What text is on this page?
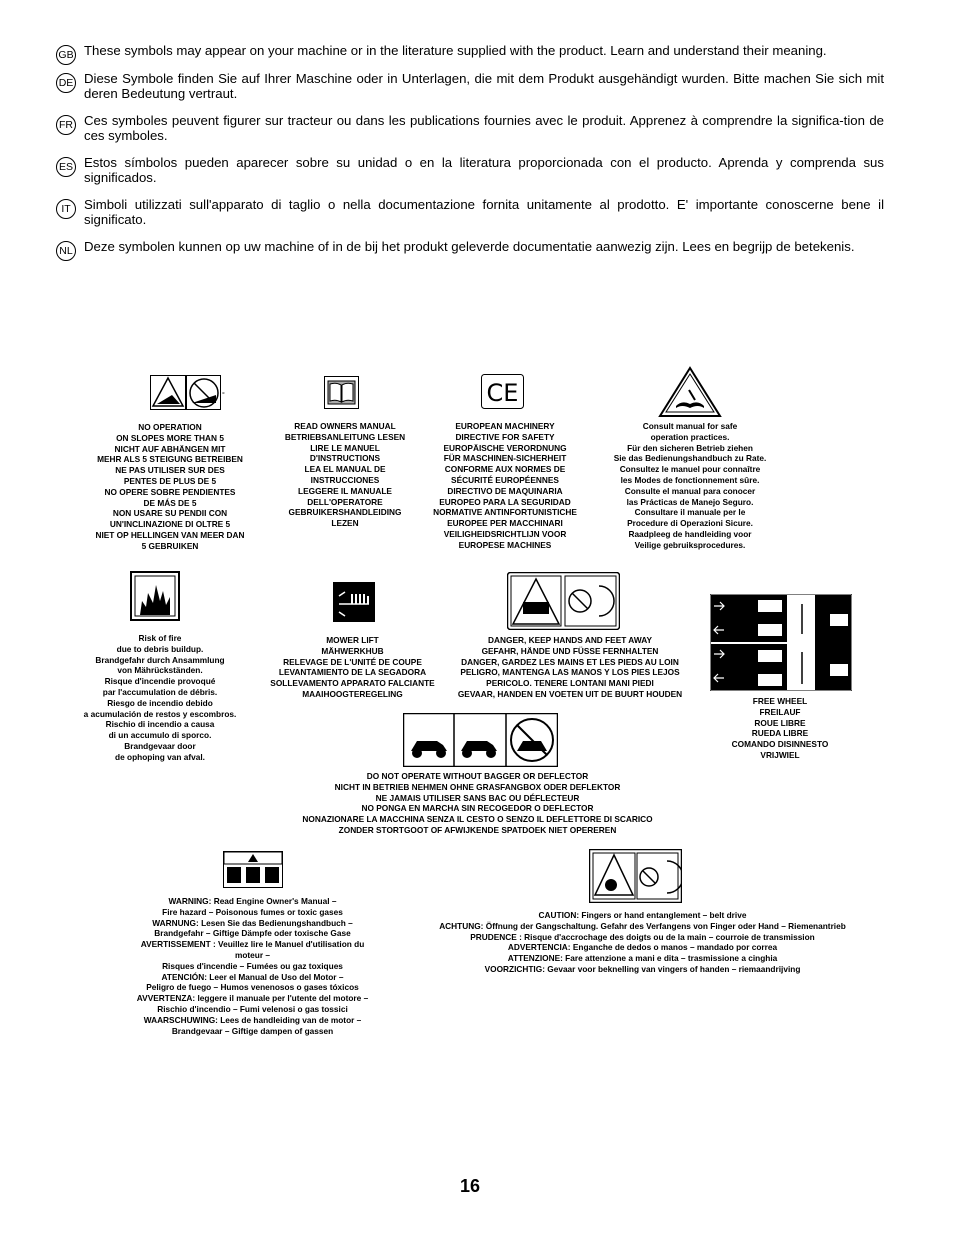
GB These symbols may appear on your machine or in the literature supplied with the product. Learn and understand their meaning.
DE Diese Symbole finden Sie auf Ihrer Maschine oder in Unterlagen, die mit dem Produkt ausgehändigt wurden. Bitte machen Sie sich mit deren Bedeutung vertraut.
FR Ces symboles peuvent figurer sur tracteur ou dans les publications fournies avec le produit. Apprenez à comprendre la significa-tion de ces symboles.
ES Estos símbolos pueden aparecer sobre su unidad o en la literatura proporcionada con el producto. Aprenda y comprenda sus significados.
IT	Simboli utilizzati sull'apparato di taglio o nella documentazione fornita unitamente al prodotto. E' importante conoscerne bene il significato.
NL Deze symbolen kunnen op uw machine of in de bij het produkt geleverde documentatie aanwezig zijn. Lees en begrijp de betekenis.
°
NO OPERATION
ON SLOPES MORE THAN 5
NICHT AUF ABHÄNGEN MIT
MEHR ALS 5 STEIGUNG BETREIBEN
NE PAS UTILISER SUR DES
PENTES DE PLUS DE 5
NO OPERE SOBRE PENDIENTES
DE MÁS DE 5
NON USARE SU PENDII CON
UN'INCLINAZIONE DI OLTRE 5
NIET OP HELLINGEN VAN MEER DAN
5 GEBRUIKEN
READ OWNERS MANUAL
BETRIEBSANLEITUNG LESEN
LIRE LE MANUEL
D'INSTRUCTIONS
LEA EL MANUAL DE
INSTRUCCIONES
LEGGERE IL MANUALE
DELL'OPERATORE
GEBRUIKERSHANDLEIDING
LEZEN
CE
EUROPEAN MACHINERY
DIRECTIVE FOR SAFETY
EUROPÄISCHE VERORDNUNG
FÜR MASCHINEN-SICHERHEIT
CONFORME AUX NORMES DE
SÉCURITÉ EUROPÉENNES
DIRECTIVO DE MAQUINARIA
EUROPEO PARA LA SEGURIDAD
NORMATIVE ANTINFORTUNISTICHE
EUROPEE PER MACCHINARI
VEILIGHEIDSRICHTLIJN VOOR
EUROPESE MACHINES
Consult manual for safe
operation practices.
Für den sicheren Betrieb ziehen
Sie das Bedienungshandbuch zu Rate.
Consultez le manuel pour connaître
les Modes de fonctionnement sûre.
Consulte el manual para conocer
las Prácticas de Manejo Seguro.
Consultare il manuale per le
Procedure di Operazioni Sicure.
Raadpleeg de handleiding voor
Veilige gebruiksprocedures.
Risk of fire
due to debris buildup.
Brandgefahr durch Ansammlung
von Mährückständen.
Risque d'incendie provoqué
par l'accumulation de débris.
Riesgo de incendio debido
a acumulación de restos y escombros.
Rischio di incendio a causa
di un accumulo di sporco.
Brandgevaar door
de ophoping van afval.
MOWER LIFT
MÄHWERKHUB
RELEVAGE DE L'UNITÉ DE COUPE
LEVANTAMIENTO DE LA SEGADORA
SOLLEVAMENTO APPARATO FALCIANTE
MAAIHOOGTEREGELING
DANGER, KEEP HANDS AND FEET AWAY
GEFAHR, HÄNDE UND FÜSSE FERNHALTEN
DANGER, GARDEZ LES MAINS ET LES PIEDS AU LOIN
PELIGRO, MANTENGA LAS MANOS Y LOS PIES LEJOS
PERICOLO. TENERE LONTANI MANI PIEDI
GEVAAR, HANDEN EN VOETEN UIT DE BUURT HOUDEN
FREE WHEEL
FREILAUF
ROUE LIBRE
RUEDA LIBRE
COMANDO DISINNESTO
VRIJWIEL
DO NOT OPERATE WITHOUT BAGGER OR DEFLECTOR
NICHT IN BETRIEB NEHMEN OHNE GRASFANGBOX ODER DEFLEKTOR
NE JAMAIS UTILISER SANS BAC OU DÉFLECTEUR
NO PONGA EN MARCHA SIN RECOGEDOR O DEFLECTOR
NONAZIONARE LA MACCHINA SENZA IL CESTO O SENZO IL DEFLETTORE DI SCARICO
ZONDER STORTGOOT OF AFWIJKENDE SPATDOEK NIET OPEREREN
WARNING: Read Engine Owner's Manual –
Fire hazard – Poisonous fumes or toxic gases
WARNUNG: Lesen Sie das Bedienungshandbuch –
Brandgefahr – Giftige Dämpfe oder toxische Gase
AVERTISSEMENT : Veuillez lire le Manuel d'utilisation du moteur –
Risques d'incendie – Fumées ou gaz toxiques
ATENCIÓN: Leer el Manual de Uso del Motor –
Peligro de fuego – Humos venenosos o gases tóxicos
AVVERTENZA: leggere il manuale per l'utente del motore –
Rischio d'incendio – Fumi velenosi o gas tossici
WAARSCHUWING: Lees de handleiding van de motor –
Brandgevaar – Giftige dampen of gassen
CAUTION: Fingers or hand entanglement – belt drive
ACHTUNG: Öffnung der Gangschaltung. Gefahr des Verfangens von Finger oder Hand – Riemenantrieb
PRUDENCE : Risque d'accrochage des doigts ou de la main – courroie de transmission
ADVERTENCIA: Enganche de dedos o manos – mandado por correa
ATTENZIONE: Fare attenzione a mani e dita – trasmissione a cinghia
VOORZICHTIG: Gevaar voor beknelling van vingers of handen – riemaandrijving
16
